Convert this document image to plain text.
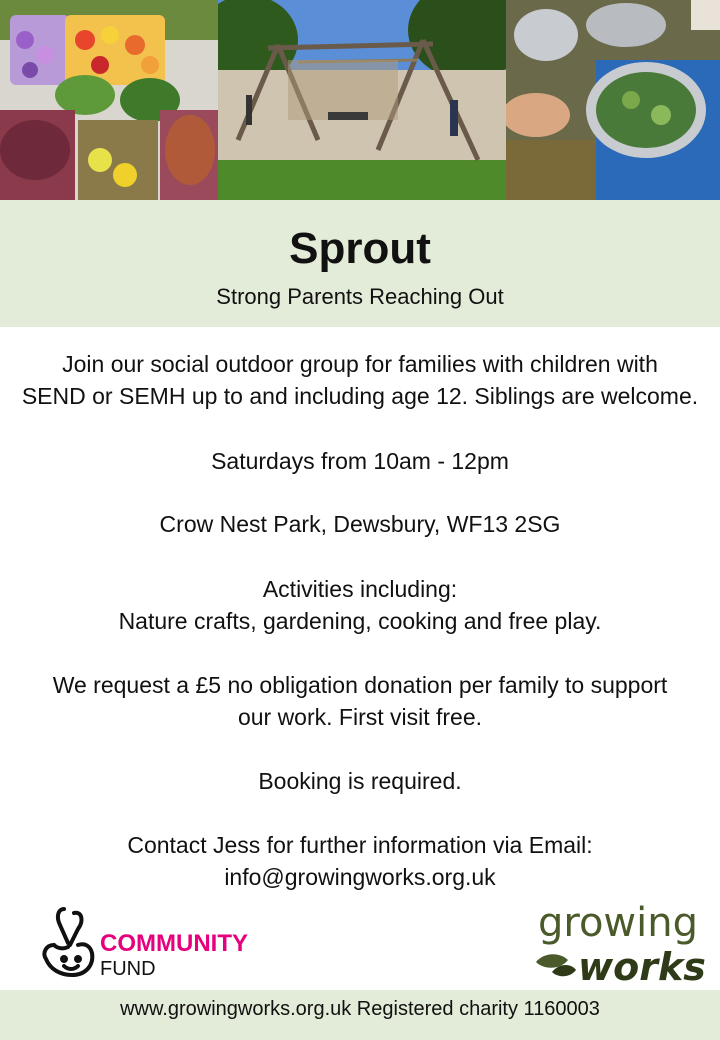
Sprout
Strong Parents Reaching Out
Join our social outdoor group for families with children with
SEND or SEMH up to and including age 12. Siblings are welcome.
Saturdays from 10am - 12pm
Crow Nest Park, Dewsbury, WF13 2SG
Activities including:
Nature crafts, gardening, cooking and free play.
We request a £5 no obligation donation per family to support
our work. First visit free.
Booking is required.
Contact Jess for further information via Email:
info@growingworks.org.uk
COMMUNITY
FUND
growing
works
www.growingworks.org.uk Registered charity 1160003
